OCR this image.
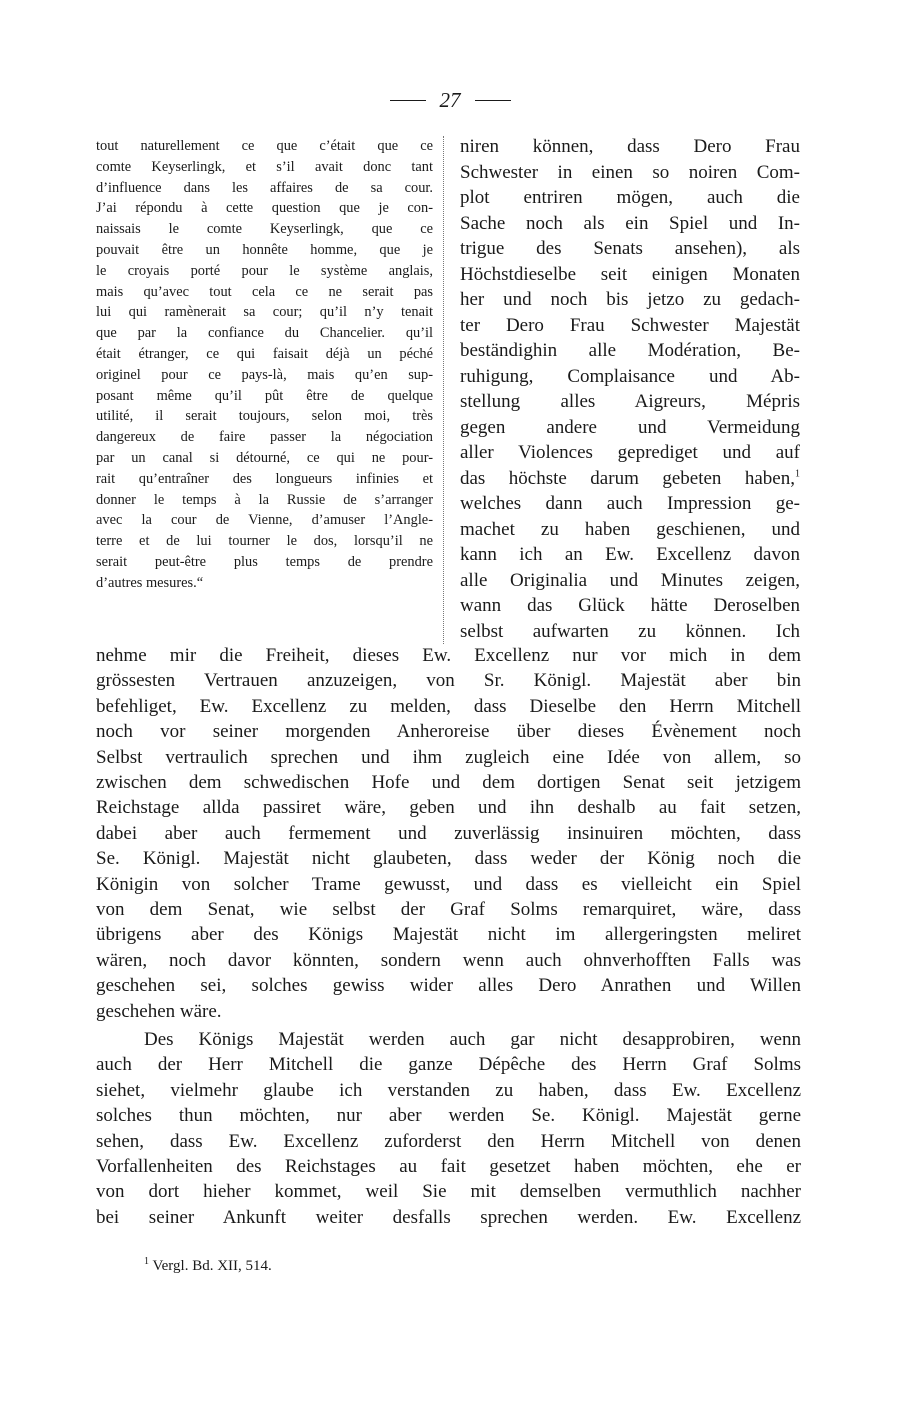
27
tout naturellement ce que c’était que ce
comte Keyserlingk, et s’il avait donc tant
d’influence dans les affaires de sa cour.
J’ai répondu à cette question que je con-
naissais le comte Keyserlingk, que ce
pouvait être un honnête homme, que je
le croyais porté pour le système anglais,
mais qu’avec tout cela ce ne serait pas
lui qui ramènerait sa cour; qu’il n’y tenait
que par la confiance du Chancelier. qu’il
était étranger, ce qui faisait déjà un péché
originel pour ce pays-là, mais qu’en sup-
posant même qu’il pût être de quelque
utilité, il serait toujours, selon moi, très
dangereux de faire passer la négociation
par un canal si détourné, ce qui ne pour-
rait qu’entraîner des longueurs infinies et
donner le temps à la Russie de s’arranger
avec la cour de Vienne, d’amuser l’Angle-
terre et de lui tourner le dos, lorsqu’il ne
serait peut-être plus temps de prendre
d’autres mesures.“
niren können, dass Dero Frau
Schwester in einen so noiren Com-
plot entriren mögen, auch die
Sache noch als ein Spiel und In-
trigue des Senats ansehen), als
Höchstdieselbe seit einigen Monaten
her und noch bis jetzo zu gedach-
ter Dero Frau Schwester Majestät
beständighin alle Modération, Be-
ruhigung, Complaisance und Ab-
stellung alles Aigreurs, Mépris
gegen andere und Vermeidung
aller Violences geprediget und auf
das höchste darum gebeten haben,$^1$
welches dann auch Impression ge-
machet zu haben geschienen, und
kann ich an Ew. Excellenz davon
alle Originalia und Minutes zeigen,
wann das Glück hätte Deroselben
selbst aufwarten zu können. Ich
nehme mir die Freiheit, dieses Ew. Excellenz nur vor mich in dem
grössesten Vertrauen anzuzeigen, von Sr. Königl. Majestät aber bin
befehliget, Ew. Excellenz zu melden, dass Dieselbe den Herrn Mitchell
noch vor seiner morgenden Anheroreise über dieses Évènement noch
Selbst vertraulich sprechen und ihm zugleich eine Idée von allem, so
zwischen dem schwedischen Hofe und dem dortigen Senat seit jetzigem
Reichstage allda passiret wäre, geben und ihn deshalb au fait setzen,
dabei aber auch fermement und zuverlässig insinuiren möchten, dass
Se. Königl. Majestät nicht glaubeten, dass weder der König noch die
Königin von solcher Trame gewusst, und dass es vielleicht ein Spiel
von dem Senat, wie selbst der Graf Solms remarquiret, wäre, dass
übrigens aber des Königs Majestät nicht im allergeringsten meliret
wären, noch davor könnten, sondern wenn auch ohnverhofften Falls was
geschehen sei, solches gewiss wider alles Dero Anrathen und Willen
geschehen wäre.
Des Königs Majestät werden auch gar nicht desapprobiren, wenn
auch der Herr Mitchell die ganze Dépêche des Herrn Graf Solms
siehet, vielmehr glaube ich verstanden zu haben, dass Ew. Excellenz
solches thun möchten, nur aber werden Se. Königl. Majestät gerne
sehen, dass Ew. Excellenz zuforderst den Herrn Mitchell von denen
Vorfallenheiten des Reichstages au fait gesetzet haben möchten, ehe er
von dort hieher kommet, weil Sie mit demselben vermuthlich nachher
bei seiner Ankunft weiter desfalls sprechen werden. Ew. Excellenz
$^1$ Vergl. Bd. XII, 514.
